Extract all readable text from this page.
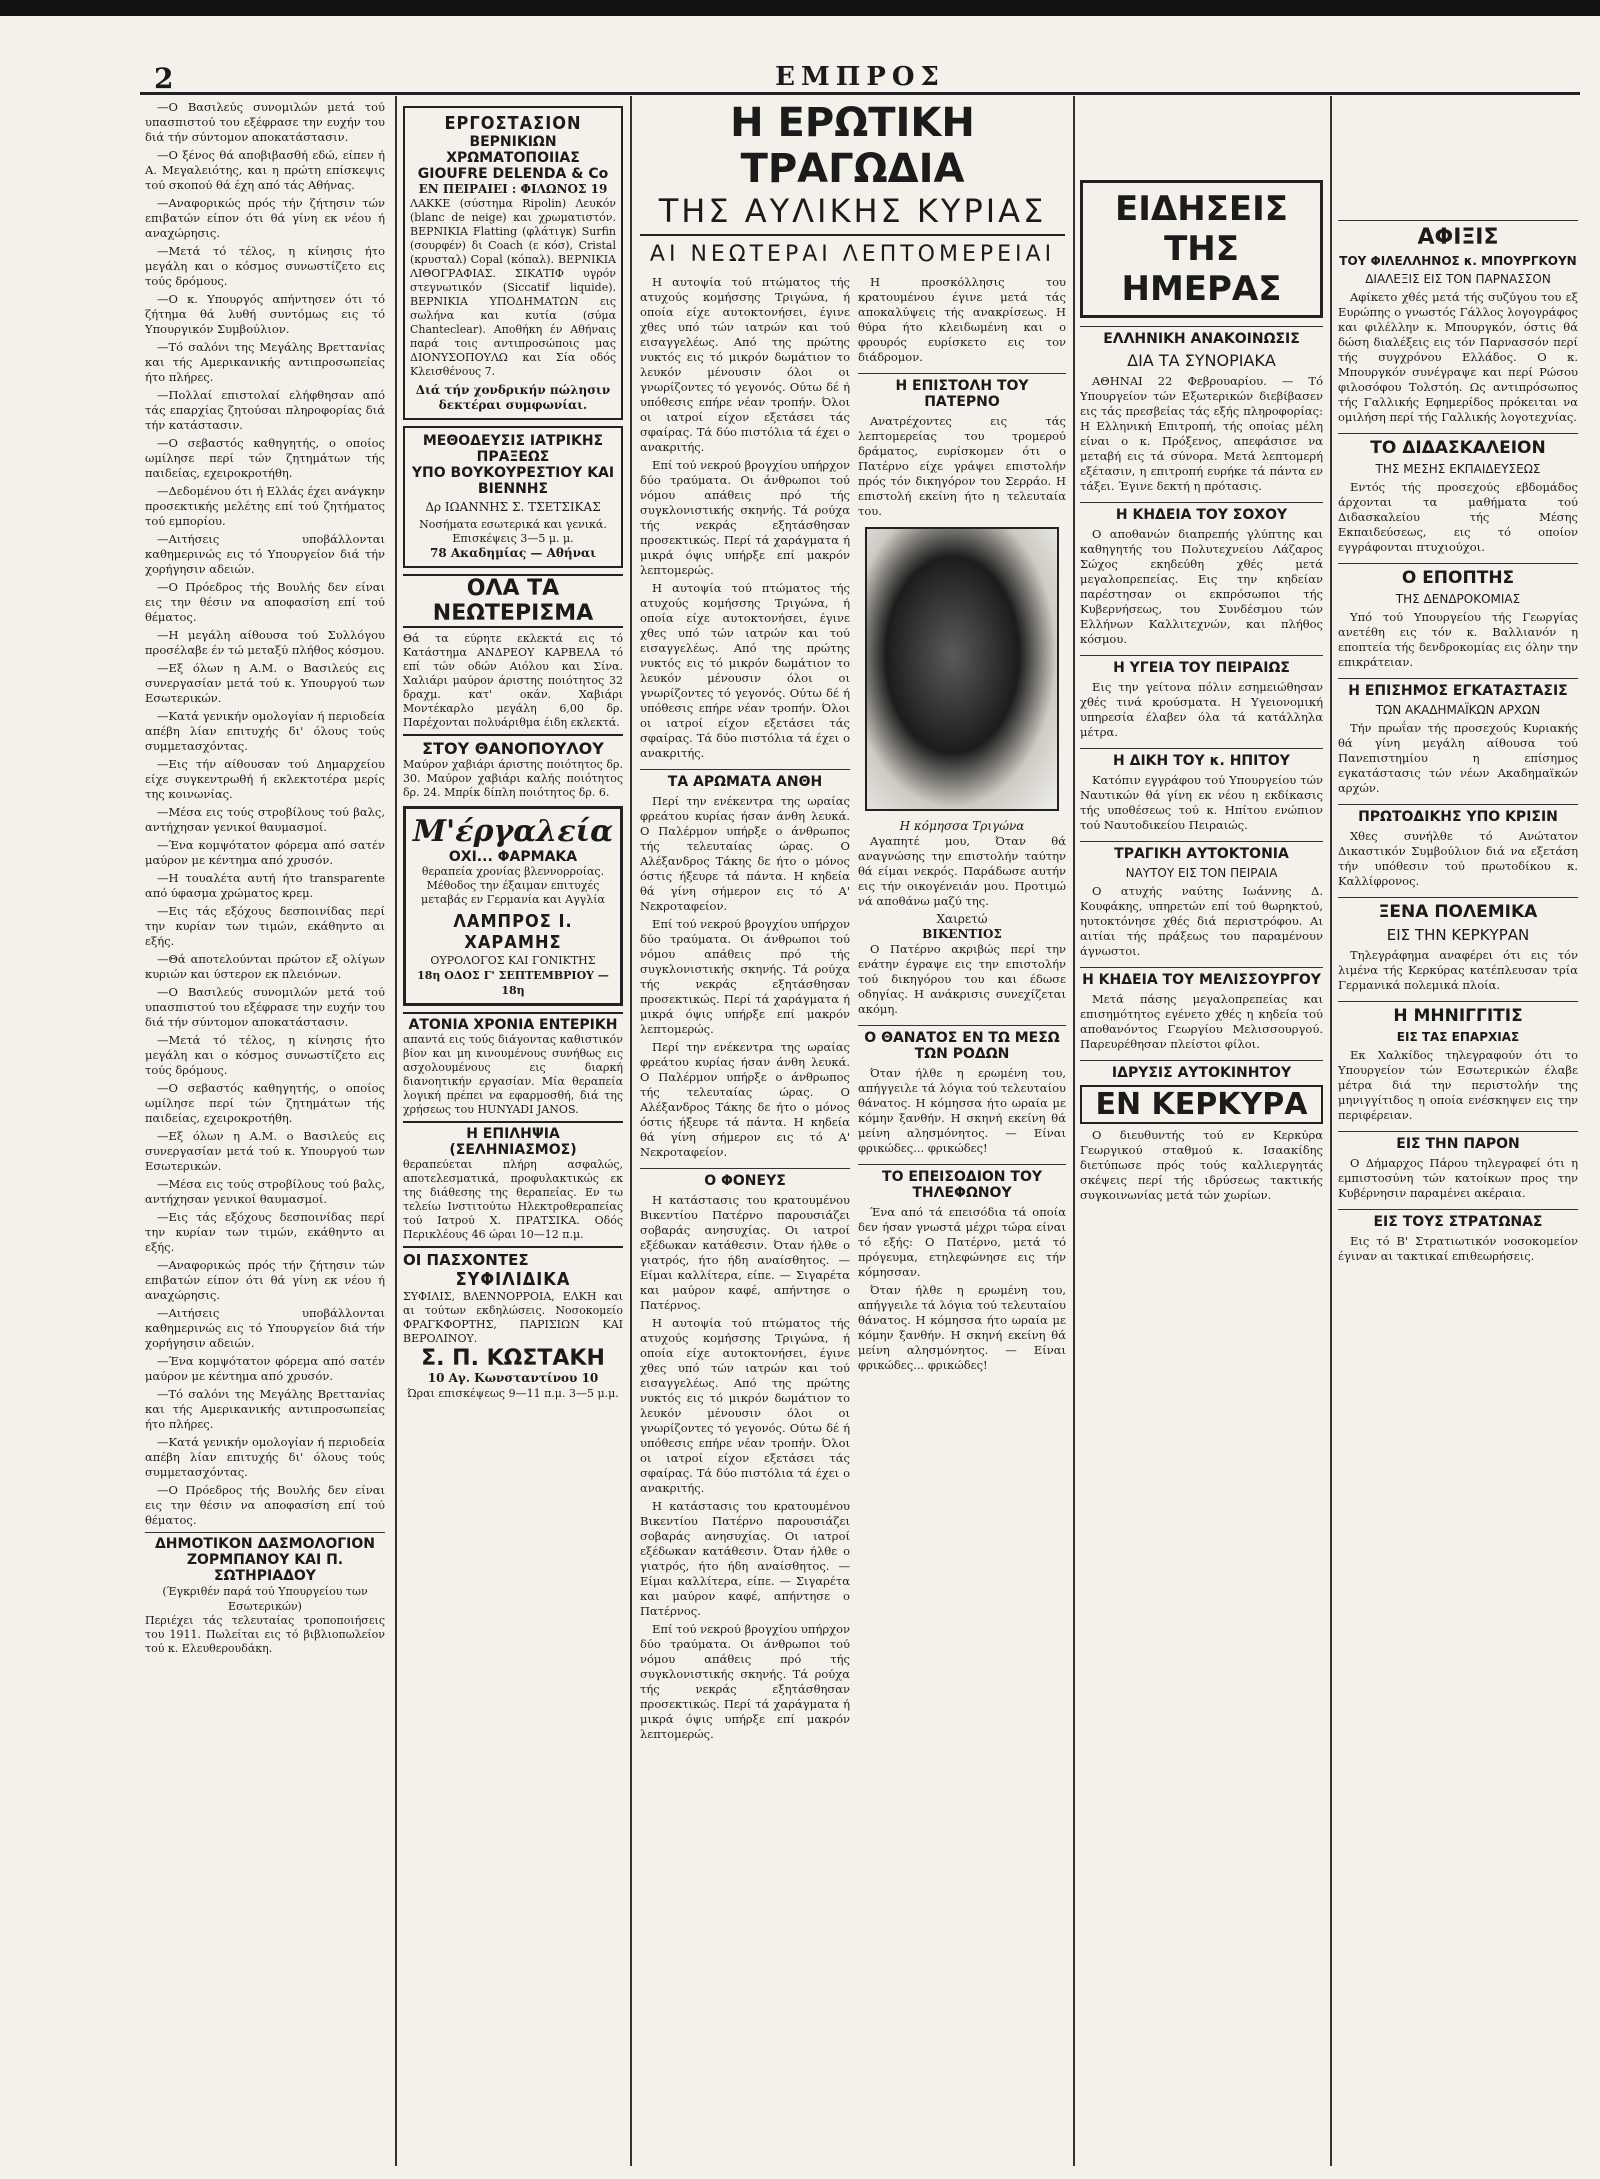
2	ΕΜΠΡΟΣ

—Ο Βασιλεύς συνομιλών μετά τού υπασπιστού του εξέφρασε την ευχήν του διά τήν σύντομον αποκατάστασιν.

—Ο ξένος θά αποβιβασθή εδώ, είπεν ή Α. Μεγαλειότης, και η πρώτη επίσκεψις τού σκοπού θά έχη από τάς Αθήνας.

—Αναφορικώς πρός τήν ζήτησιν τών επιβατών είπον ότι θά γίνη εκ νέου ή αναχώρησις.

—Μετά τό τέλος, η κίνησις ήτο μεγάλη και ο κόσμος συνωστίζετο εις τούς δρόμους.

—Ο κ. Υπουργός απήντησεν ότι τό ζήτημα θά λυθή συντόμως εις τό Υπουργικόν Συμβούλιον.

—Τό σαλόνι της Μεγάλης Βρεττανίας και τής Αμερικανικής αντιπροσωπείας ήτο πλήρες.

—Πολλαί επιστολαί ελήφθησαν από τάς επαρχίας ζητούσαι πληροφορίας διά τήν κατάστασιν.

—Ο σεβαστός καθηγητής, ο οποίος ωμίλησε περί τών ζητημάτων τής παιδείας, εχειροκροτήθη.

—Δεδομένου ότι ή Ελλάς έχει ανάγκην προσεκτικής μελέτης επί τού ζητήματος τού εμπορίου.

—Αιτήσεις υποβάλλονται καθημερινώς εις τό Υπουργείον διά τήν χορήγησιν αδειών.

—Ο Πρόεδρος τής Βουλής δεν είναι εις την θέσιν να αποφασίση επί τού θέματος.

—Η μεγάλη αίθουσα τού Συλλόγου προσέλαβε έν τώ μεταξύ πλήθος κόσμου.

—Εξ όλων η Α.Μ. ο Βασιλεύς εις συνεργασίαν μετά τού κ. Υπουργού των Εσωτερικών.

—Κατά γενικήν ομολογίαν ή περιοδεία απέβη λίαν επιτυχής δι' όλους τούς συμμετασχόντας.

—Εις τήν αίθουσαν τού Δημαρχείου είχε συγκεντρωθή ή εκλεκτοτέρα μερίς της κοινωνίας.

—Μέσα εις τούς στροβίλους τού βαλς, αντήχησαν γενικοί θαυμασμοί.

—Ένα κομψότατον φόρεμα από σατέν μαύρον με κέντημα από χρυσόν.

—Η τουαλέτα αυτή ήτο transparente από ύφασμα χρώματος κρεμ.

—Εις τάς εξόχους δεσποινίδας περί την κυρίαν των τιμών, εκάθηντο αι εξής.

—Θά αποτελούνται πρώτον εξ ολίγων κυριών και ύστερον εκ πλειόνων.

—Ο Βασιλεύς συνομιλών μετά τού υπασπιστού του εξέφρασε την ευχήν του διά τήν σύντομον αποκατάστασιν.

—Μετά τό τέλος, η κίνησις ήτο μεγάλη και ο κόσμος συνωστίζετο εις τούς δρόμους.

—Ο σεβαστός καθηγητής, ο οποίος ωμίλησε περί τών ζητημάτων τής παιδείας, εχειροκροτήθη.

—Εξ όλων η Α.Μ. ο Βασιλεύς εις συνεργασίαν μετά τού κ. Υπουργού των Εσωτερικών.

—Μέσα εις τούς στροβίλους τού βαλς, αντήχησαν γενικοί θαυμασμοί.

—Εις τάς εξόχους δεσποινίδας περί την κυρίαν των τιμών, εκάθηντο αι εξής.

—Αναφορικώς πρός τήν ζήτησιν τών επιβατών είπον ότι θά γίνη εκ νέου ή αναχώρησις.

—Αιτήσεις υποβάλλονται καθημερινώς εις τό Υπουργείον διά τήν χορήγησιν αδειών.

—Ένα κομψότατον φόρεμα από σατέν μαύρον με κέντημα από χρυσόν.

—Τό σαλόνι της Μεγάλης Βρεττανίας και τής Αμερικανικής αντιπροσωπείας ήτο πλήρες.

—Κατά γενικήν ομολογίαν ή περιοδεία απέβη λίαν επιτυχής δι' όλους τούς συμμετασχόντας.

—Ο Πρόεδρος τής Βουλής δεν είναι εις την θέσιν να αποφασίση επί τού θέματος.

ΔΗΜΟΤΙΚΟΝ ΔΑΣΜΟΛΟΓΙΟΝ
ΖΟΡΜΠΑΝΟΥ ΚΑΙ Π. ΣΩΤΗΡΙΑΔΟΥ
(Έγκριθέν παρά τού Υπουργείου των Εσωτερικών)
Περιέχει τάς τελευταίας τροποποιήσεις του 1911. Πωλείται εις τό βιβλιοπωλείον τού κ. Ελευθερουδάκη.
ΕΡΓΟΣΤΑΣΙΟΝ
ΒΕΡΝΙΚΙΩΝ ΧΡΩΜΑΤΟΠΟΙΙΑΣ
GIOUFRE DELENDA & Co
ΕΝ ΠΕΙΡΑΙΕΙ : ΦΙΛΩΝΟΣ 19
ΛΑΚΚΕ (σύστημα Ripolin) Λευκόν (blanc de neige) και χρωματιστόν. ΒΕΡΝΙΚΙΑ Flatting (φλάτιγκ) Surfin (σουρφέν) δι Coach (ε κόσ), Cristal (κρυσταλ) Copal (κόπαλ). ΒΕΡΝΙΚΙΑ ΛΙΘΟΓΡΑΦΙΑΣ. ΣΙΚΑΤΙΦ υγρόν στεγνωτικόν (Siccatif liquide). ΒΕΡΝΙΚΙΑ ΥΠΟΔΗΜΑΤΩΝ εις σωλήνα και κυτία (σύμα Chanteclear). Αποθήκη έν Αθήναις παρά τοις αντιπροσώποις μας ΔΙΟΝΥΣΟΠΟΥΛΩ και Σία οδός Κλεισθένους 7.
Διά τήν χονδρικήν πώλησιν δεκτέραι συμφωνίαι.
ΜΕΘΟΔΕΥΣΙΣ ΙΑΤΡΙΚΗΣ ΠΡΑΞΕΩΣ
ΥΠΟ ΒΟΥΚΟΥΡΕΣΤΙΟΥ ΚΑΙ ΒΙΕΝΝΗΣ
Δρ ΙΩΑΝΝΗΣ Σ. ΤΣΕΤΣΙΚΑΣ
Νοσήματα εσωτερικά και γενικά. Επισκέψεις 3—5 μ. μ.
78 Ακαδημίας — Αθήναι
ΟΛΑ ΤΑ ΝΕΩΤΕΡΙΣΜΑ
Θά τα εύρητε εκλεκτά εις τό Κατάστημα ΑΝΔΡΕΟΥ ΚΑΡΒΕΛΑ τό επί τών οδών Αιόλου και Σίνα. Χαλιάρι μαύρον άριστης ποιότητος 32 δραχμ. κατ' οκάν. Χαβιάρι Μοντέκαρλο μεγάλη 6,00 δρ. Παρέχονται πολυάριθμα έιδη εκλεκτά.
ΣΤΟΥ ΘΑΝΟΠΟΥΛΟΥ
Μαύρον χαβιάρι άριστης ποιότητος δρ. 30. Μαύρον χαβιάρι καλής ποιότητος δρ. 24. Μπρίκ δίπλη ποιότητος δρ. 6.
Μ'έργαλεία
ΟΧΙ... ΦΑΡΜΑΚΑ
θεραπεία χρονίας βλεννορροίας. Μέθοδος την έξαιμαν επιτυχές μεταβάς εν Γερμανία και Αγγλία
ΛΑΜΠΡΟΣ Ι. ΧΑΡΑΜΗΣ
ΟΥΡΟΛΟΓΟΣ ΚΑΙ ΓΟΝΙΚΤΗΣ
18η ΟΔΟΣ Γ' ΣΕΠΤΕΜΒΡΙΟΥ — 18η
ΑΤΟΝΙΑ ΧΡΟΝΙΑ ΕΝΤΕΡΙΚΗ
απαντά εις τούς διάγοντας καθιστικόν βίον και μη κινουμένους συνήθως εις ασχολουμένους εις διαρκή διανοητικήν εργασίαν. Μία θεραπεία λογική πρέπει να εφαρμοσθή, διά της χρήσεως του HUNYADI JANOS.
Η ΕΠΙΛΗΨΙΑ (ΣΕΛΗΝΙΑΣΜΟΣ)
θεραπεύεται πλήρη ασφαλώς, αποτελεσματικά, προφυλακτικώς εκ της διάθεσης της θεραπείας. Εν τω τελείω Ινστιτούτω Ηλεκτροθεραπείας τού Ιατρού Χ. ΠΡΑΤΣΙΚΑ. Οδός Περικλέους 46 ώραι 10—12 π.μ.
ΟΙ ΠΑΣΧΟΝΤΕΣ
ΣΥΦΙΛΙΔΙΚΑ
ΣΥΦΙΛΙΣ, ΒΛΕΝΝΟΡΡΟΙΑ, ΕΛΚΗ και αι τούτων εκδηλώσεις. Νοσοκομείο ΦΡΑΓΚΦΟΡΤΗΣ, ΠΑΡΙΣΙΩΝ ΚΑΙ ΒΕΡΟΛΙΝΟΥ.
Σ. Π. ΚΩΣΤΑΚΗ
10 Αγ. Κωνσταντίνου 10
Ώραι επισκέψεως 9—11 π.μ. 3—5 μ.μ.
Η ΕΡΩΤΙΚΗ ΤΡΑΓΩΔΙΑ
ΤΗΣ ΑΥΛΙΚΗΣ ΚΥΡΙΑΣ
ΑΙ ΝΕΩΤΕΡΑΙ ΛΕΠΤΟΜΕΡΕΙΑΙ

Η αυτοψία τού πτώματος τής ατυχούς κομήσσης Τριγώνα, ή οποία είχε αυτοκτονήσει, έγινε χθες υπό τών ιατρών και τού εισαγγελέως. Από της πρώτης νυκτός εις τό μικρόν δωμάτιον το λευκόν μένουσιν όλοι οι γνωρίζοντες τό γεγονός. Ούτω δέ ή υπόθεσις επήρε νέαν τροπήν. Όλοι οι ιατροί είχον εξετάσει τάς σφαίρας. Τά δύο πιστόλια τά έχει ο ανακριτής.

Επί τού νεκρού βρογχίου υπήρχον δύο τραύματα. Οι άνθρωποι τού νόμου απάθεις πρό τής συγκλονιστικής σκηνής. Τά ρούχα τής νεκράς εξητάσθησαν προσεκτικώς. Περί τά χαράγματα ή μικρά όψις υπήρξε επί μακρόν λεπτομερώς.

Η αυτοψία τού πτώματος τής ατυχούς κομήσσης Τριγώνα, ή οποία είχε αυτοκτονήσει, έγινε χθες υπό τών ιατρών και τού εισαγγελέως. Από της πρώτης νυκτός εις τό μικρόν δωμάτιον το λευκόν μένουσιν όλοι οι γνωρίζοντες τό γεγονός. Ούτω δέ ή υπόθεσις επήρε νέαν τροπήν. Όλοι οι ιατροί είχον εξετάσει τάς σφαίρας. Τά δύο πιστόλια τά έχει ο ανακριτής.

ΤΑ ΑΡΩΜΑΤΑ ΑΝΘΗ

Περί την ενέκεντρα της ωραίας φρεάτου κυρίας ήσαν άνθη λευκά. Ο Παλέρμον υπήρξε ο άνθρωπος τής τελευταίας ώρας. Ο Αλέξανδρος Τάκης δε ήτο ο μόνος όστις ήξευρε τά πάντα. Η κηδεία θά γίνη σήμερον εις τό Α' Νεκροταφείον.

Επί τού νεκρού βρογχίου υπήρχον δύο τραύματα. Οι άνθρωποι τού νόμου απάθεις πρό τής συγκλονιστικής σκηνής. Τά ρούχα τής νεκράς εξητάσθησαν προσεκτικώς. Περί τά χαράγματα ή μικρά όψις υπήρξε επί μακρόν λεπτομερώς.

Περί την ενέκεντρα της ωραίας φρεάτου κυρίας ήσαν άνθη λευκά. Ο Παλέρμον υπήρξε ο άνθρωπος τής τελευταίας ώρας. Ο Αλέξανδρος Τάκης δε ήτο ο μόνος όστις ήξευρε τά πάντα. Η κηδεία θά γίνη σήμερον εις τό Α' Νεκροταφείον.

Ο ΦΟΝΕΥΣ

Η κατάστασις του κρατουμένου Βικεντίου Πατέρνο παρουσιάζει σοβαράς ανησυχίας. Οι ιατροί εξέδωκαν κατάθεσιν. Όταν ήλθε ο γιατρός, ήτο ήδη αναίσθητος. — Είμαι καλλίτερα, είπε. — Σιγαρέτα και μαύρον καφέ, απήντησε ο Πατέρνος.

Η αυτοψία τού πτώματος τής ατυχούς κομήσσης Τριγώνα, ή οποία είχε αυτοκτονήσει, έγινε χθες υπό τών ιατρών και τού εισαγγελέως. Από της πρώτης νυκτός εις τό μικρόν δωμάτιον το λευκόν μένουσιν όλοι οι γνωρίζοντες τό γεγονός. Ούτω δέ ή υπόθεσις επήρε νέαν τροπήν. Όλοι οι ιατροί είχον εξετάσει τάς σφαίρας. Τά δύο πιστόλια τά έχει ο ανακριτής.

Η κατάστασις του κρατουμένου Βικεντίου Πατέρνο παρουσιάζει σοβαράς ανησυχίας. Οι ιατροί εξέδωκαν κατάθεσιν. Όταν ήλθε ο γιατρός, ήτο ήδη αναίσθητος. — Είμαι καλλίτερα, είπε. — Σιγαρέτα και μαύρον καφέ, απήντησε ο Πατέρνος.

Επί τού νεκρού βρογχίου υπήρχον δύο τραύματα. Οι άνθρωποι τού νόμου απάθεις πρό τής συγκλονιστικής σκηνής. Τά ρούχα τής νεκράς εξητάσθησαν προσεκτικώς. Περί τά χαράγματα ή μικρά όψις υπήρξε επί μακρόν λεπτομερώς.

Η προσκόλλησις του κρατουμένου έγινε μετά τάς αποκαλύψεις τής ανακρίσεως. Η θύρα ήτο κλειδωμένη και ο φρουρός ευρίσκετο εις τον διάδρομον.

Η ΕΠΙΣΤΟΛΗ ΤΟΥ ΠΑΤΕΡΝΟ

Ανατρέχοντες εις τάς λεπτομερείας του τρομερού δράματος, ευρίσκομεν ότι ο Πατέρνο είχε γράψει επιστολήν πρός τόν δικηγόρον του Σερράο. Η επιστολή εκείνη ήτο η τελευταία του.

Η κόμησσα Τριγώνα

Αγαπητέ μου, Όταν θά αναγνώσης την επιστολήν ταύτην θά είμαι νεκρός. Παράδωσε αυτήν εις τήν οικογένειάν μου. Προτιμώ νά αποθάνω μαζύ της.

Χαιρετώ
ΒΙΚΕΝΤΙΟΣ

Ο Πατέρνο ακριβώς περί την ενάτην έγραψε εις την επιστολήν τού δικηγόρου του και έδωσε οδηγίας. Η ανάκρισις συνεχίζεται ακόμη.

Ο ΘΑΝΑΤΟΣ ΕΝ ΤΩ ΜΕΣΩ ΤΩΝ ΡΟΔΩΝ

Όταν ήλθε η ερωμένη του, απήγγειλε τά λόγια τού τελευταίου θάνατος. Η κόμησσα ήτο ωραία με κόμην ξανθήν. Η σκηνή εκείνη θά μείνη αλησμόνητος. — Είναι φρικώδες... φρικώδες!

ΤΟ ΕΠΕΙΣΟΔΙΟΝ ΤΟΥ ΤΗΛΕΦΩΝΟΥ

Ένα από τά επεισόδια τά οποία δεν ήσαν γνωστά μέχρι τώρα είναι τό εξής: Ο Πατέρνο, μετά τό πρόγευμα, ετηλεφώνησε εις τήν κόμησσαν.

Όταν ήλθε η ερωμένη του, απήγγειλε τά λόγια τού τελευταίου θάνατος. Η κόμησσα ήτο ωραία με κόμην ξανθήν. Η σκηνή εκείνη θά μείνη αλησμόνητος. — Είναι φρικώδες... φρικώδες!

ΕΙΔΗΣΕΙΣ ΤΗΣ ΗΜΕΡΑΣ
ΕΛΛΗΝΙΚΗ ΑΝΑΚΟΙΝΩΣΙΣ
ΔΙΑ ΤΑ ΣΥΝΟΡΙΑΚΑ

ΑΘΗΝΑΙ 22 Φεβρουαρίου. — Τό Υπουργείον τών Εξωτερικών διεβίβασεν εις τάς πρεσβείας τάς εξής πληροφορίας: Η Ελληνική Επιτροπή, τής οποίας μέλη είναι ο κ. Πρόξενος, απεφάσισε να μεταβή εις τά σύνορα. Μετά λεπτομερή εξέτασιν, η επιτροπή ευρήκε τά πάντα εν τάξει. Έγινε δεκτή η πρότασις.

Η ΚΗΔΕΙΑ ΤΟΥ ΣΟΧΟΥ

Ο αποθανών διαπρεπής γλύπτης και καθηγητής του Πολυτεχνείου Λάζαρος Σώχος εκηδεύθη χθές μετά μεγαλοπρεπείας. Εις την κηδείαν παρέστησαν οι εκπρόσωποι τής Κυβερνήσεως, του Συνδέσμου τών Ελλήνων Καλλιτεχνών, και πλήθος κόσμου.

Η ΥΓΕΙΑ ΤΟΥ ΠΕΙΡΑΙΩΣ

Εις την γείτονα πόλιν εσημειώθησαν χθές τινά κρούσματα. Η Υγειονομική υπηρεσία έλαβεν όλα τά κατάλληλα μέτρα.

Η ΔΙΚΗ ΤΟΥ κ. ΗΠΙΤΟΥ

Κατόπιν εγγράφου τού Υπουργείου τών Ναυτικών θά γίνη εκ νέου η εκδίκασις τής υποθέσεως τού κ. Ηπίτου ενώπιον τού Ναυτοδικείου Πειραιώς.

ΤΡΑΓΙΚΗ ΑΥΤΟΚΤΟΝΙΑ
ΝΑΥΤΟΥ ΕΙΣ ΤΟΝ ΠΕΙΡΑΙΑ

Ο ατυχής ναύτης Ιωάννης Δ. Κουφάκης, υπηρετών επί τού θωρηκτού, ηυτοκτόνησε χθές διά περιστρόφου. Αι αιτίαι τής πράξεως του παραμένουν άγνωστοι.

Η ΚΗΔΕΙΑ ΤΟΥ ΜΕΛΙΣΣΟΥΡΓΟΥ

Μετά πάσης μεγαλοπρεπείας και επισημότητος εγένετο χθές η κηδεία τού αποθανόντος Γεωργίου Μελισσουργού. Παρευρέθησαν πλείστοι φίλοι.

ΙΔΡΥΣΙΣ ΑΥΤΟΚΙΝΗΤΟΥ
ΕΝ ΚΕΡΚΥΡΑ

Ο διευθυντής τού εν Κερκύρα Γεωργικού σταθμού κ. Ισαακίδης διετύπωσε πρός τούς καλλιεργητάς σκέψεις περί τής ιδρύσεως τακτικής συγκοινωνίας μετά τών χωρίων.

ΑΦΙΞΙΣ
ΤΟΥ ΦΙΛΕΛΛΗΝΟΣ κ. ΜΠΟΥΡΓΚΟΥΝ
ΔΙΑΛΕΞΙΣ ΕΙΣ ΤΟΝ ΠΑΡΝΑΣΣΟΝ

Αφίκετο χθές μετά τής συζύγου του εξ Ευρώπης ο γνωστός Γάλλος λογογράφος και φιλέλλην κ. Μπουργκόν, όστις θά δώση διαλέξεις εις τόν Παρνασσόν περί τής συγχρόνου Ελλάδος. Ο κ. Μπουργκόν συνέγραψε και περί Ρώσου φιλοσόφου Τολστόη. Ως αντιπρόσωπος τής Γαλλικής Εφημερίδος πρόκειται να ομιλήση περί τής Γαλλικής λογοτεχνίας.

ΤΟ ΔΙΔΑΣΚΑΛΕΙΟΝ
ΤΗΣ ΜΕΣΗΣ ΕΚΠΑΙΔΕΥΣΕΩΣ

Εντός τής προσεχούς εβδομάδος άρχονται τα μαθήματα τού Διδασκαλείου τής Μέσης Εκπαιδεύσεως, εις τό οποίον εγγράφονται πτυχιούχοι.

Ο ΕΠΟΠΤΗΣ
ΤΗΣ ΔΕΝΔΡΟΚΟΜΙΑΣ

Υπό τού Υπουργείου τής Γεωργίας ανετέθη εις τόν κ. Βαλλιανόν η εποπτεία τής δενδροκομίας εις όλην την επικράτειαν.

Η ΕΠΙΣΗΜΟΣ ΕΓΚΑΤΑΣΤΑΣΙΣ
ΤΩΝ ΑΚΑΔΗΜΑΪΚΩΝ ΑΡΧΩΝ

Τήν πρωΐαν τής προσεχούς Κυριακής θά γίνη μεγάλη αίθουσα τού Πανεπιστημίου η επίσημος εγκατάστασις τών νέων Ακαδημαϊκών αρχών.

ΠΡΩΤΟΔΙΚΗΣ ΥΠΟ ΚΡΙΣΙΝ

Χθες συνήλθε τό Ανώτατον Δικαστικόν Συμβούλιον διά να εξετάση τήν υπόθεσιν τού πρωτοδίκου κ. Καλλίφρονος.

ΞΕΝΑ ΠΟΛΕΜΙΚΑ
ΕΙΣ ΤΗΝ ΚΕΡΚΥΡΑΝ

Τηλεγράφημα αναφέρει ότι εις τόν λιμένα τής Κερκύρας κατέπλευσαν τρία Γερμανικά πολεμικά πλοία.

Η ΜΗΝΙΓΓΙΤΙΣ
ΕΙΣ ΤΑΣ ΕΠΑΡΧΙΑΣ

Εκ Χαλκίδος τηλεγραφούν ότι το Υπουργείον τών Εσωτερικών έλαβε μέτρα διά την περιστολήν της μηνιγγίτιδος η οποία ενέσκηψεν εις την περιφέρειαν.

ΕΙΣ ΤΗΝ ΠΑΡΟΝ

Ο Δήμαρχος Πάρου τηλεγραφεί ότι η εμπιστοσύνη τών κατοίκων προς την Κυβέρνησιν παραμένει ακέραια.

ΕΙΣ ΤΟΥΣ ΣΤΡΑΤΩΝΑΣ

Εις τό Β' Στρατιωτικόν νοσοκομείον έγιναν αι τακτικαί επιθεωρήσεις.
